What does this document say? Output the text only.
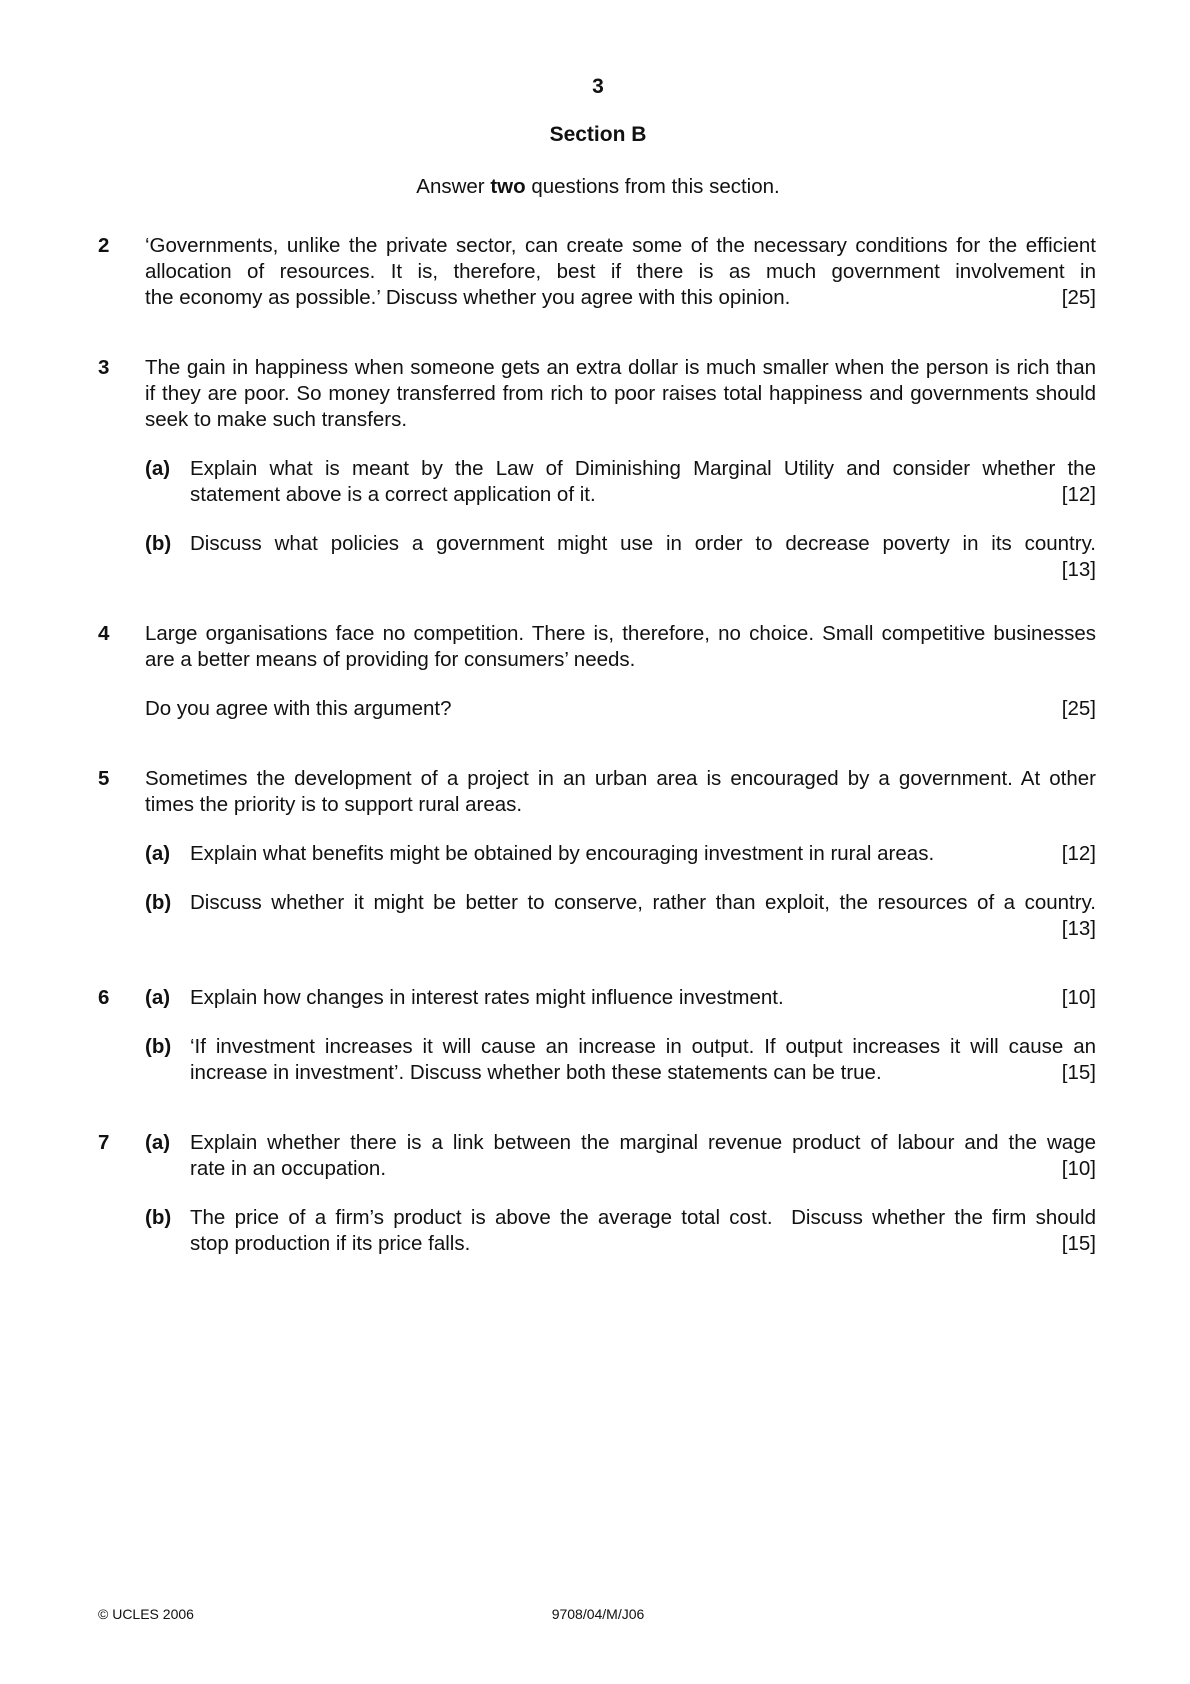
3
Section B
Answer two questions from this section.
2 ‘Governments, unlike the private sector, can create some of the necessary conditions for the efficient allocation of resources. It is, therefore, best if there is as much government involvement in
the economy as possible.’ Discuss whether you agree with this opinion.	[25]
3 The gain in happiness when someone gets an extra dollar is much smaller when the person is rich than if they are poor. So money transferred from rich to poor raises total happiness and governments should seek to make such transfers.
(a) Explain what is meant by the Law of Diminishing Marginal Utility and consider whether the
statement above is a correct application of it.	[12]
(b) Discuss what policies a government might use in order to decrease poverty in its country.
[13]
4 Large organisations face no competition. There is, therefore, no choice. Small competitive businesses are a better means of providing for consumers’ needs.
Do you agree with this argument?	[25]
5 Sometimes the development of a project in an urban area is encouraged by a government. At other times the priority is to support rural areas.
(a) Explain what benefits might be obtained by encouraging investment in rural areas.	[12]
(b) Discuss whether it might be better to conserve, rather than exploit, the resources of a country.
[13]
6 (a) Explain how changes in interest rates might influence investment.	[10]
(b) ‘If investment increases it will cause an increase in output. If output increases it will cause an
increase in investment’. Discuss whether both these statements can be true.	[15]
7 (a) Explain whether there is a link between the marginal revenue product of labour and the wage
rate in an occupation.	[10]
(b) The price of a firm’s product is above the average total cost.  Discuss whether the firm should
stop production if its price falls.	[15]
© UCLES 2006	9708/04/M/J06
